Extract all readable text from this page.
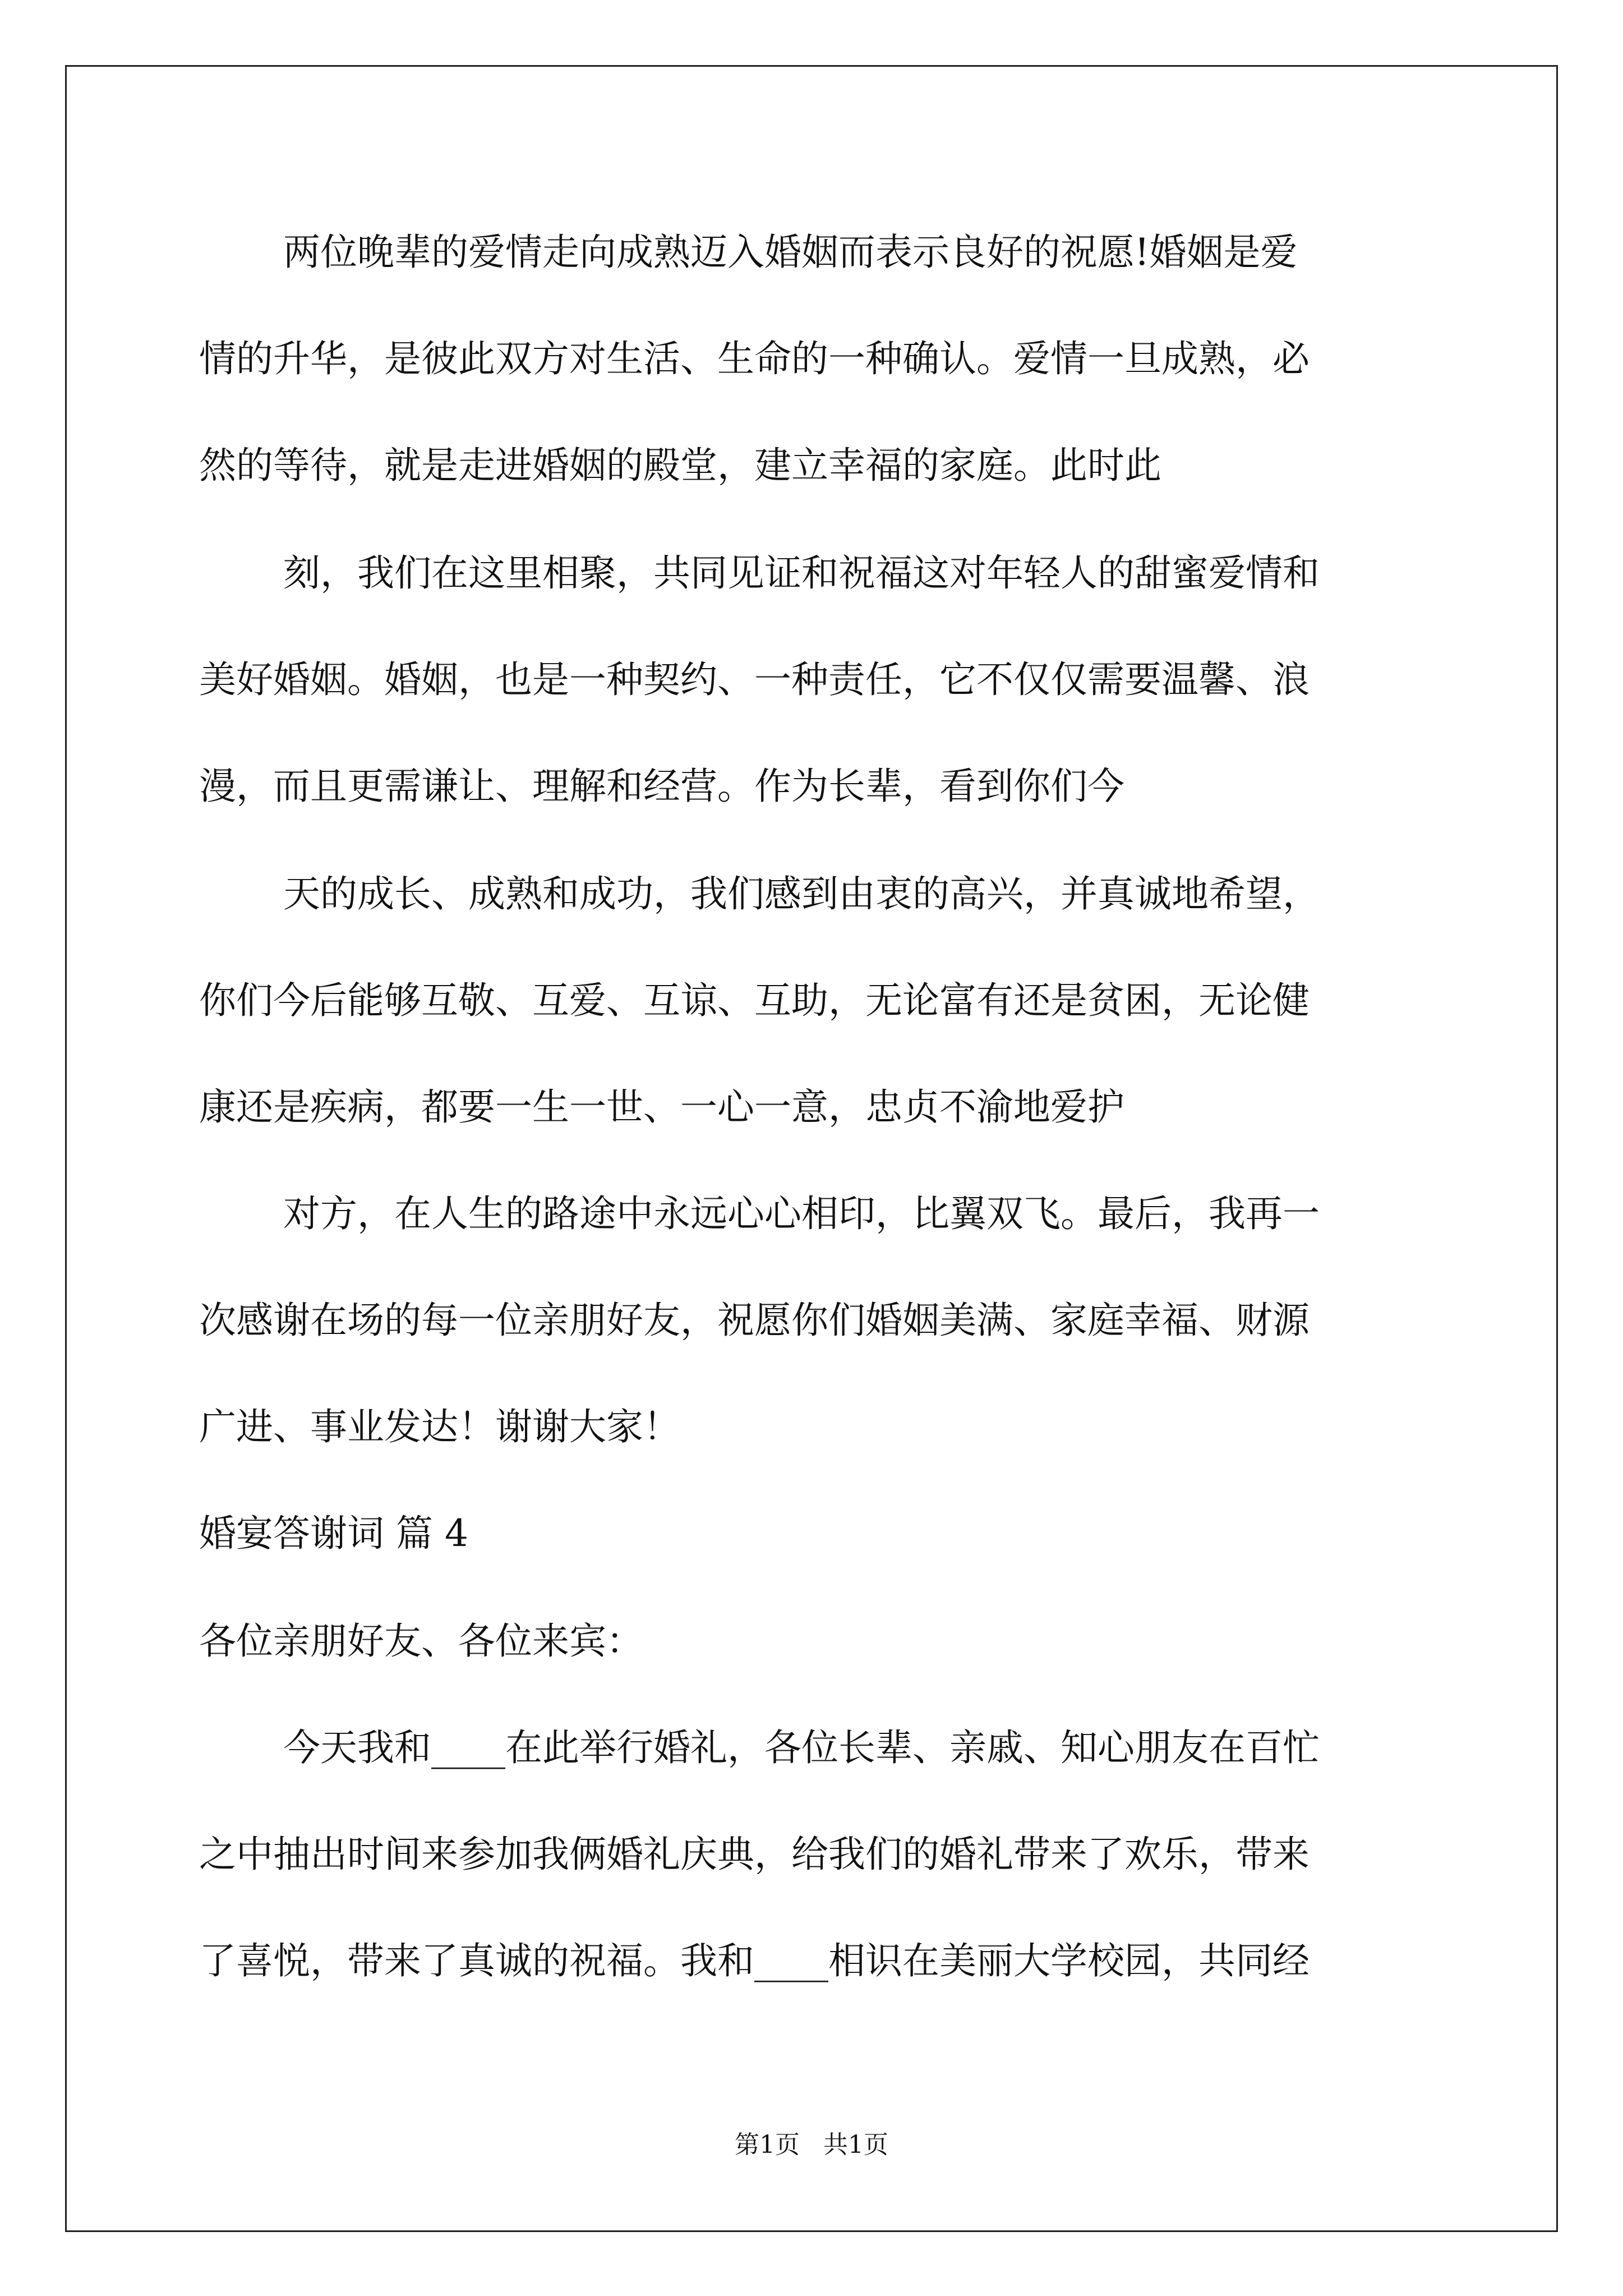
两位晚辈的爱情走向成熟迈入婚姻而表示良好的祝愿!婚姻是爱
情的升华，是彼此双方对生活、生命的一种确认。爱情一旦成熟，必
然的等待，就是走进婚姻的殿堂，建立幸福的家庭。此时此
刻，我们在这里相聚，共同见证和祝福这对年轻人的甜蜜爱情和
美好婚姻。婚姻，也是一种契约、一种责任，它不仅仅需要温馨、浪
漫，而且更需谦让、理解和经营。作为长辈，看到你们今
天的成长、成熟和成功，我们感到由衷的高兴，并真诚地希望，
你们今后能够互敬、互爱、互谅、互助，无论富有还是贫困，无论健
康还是疾病，都要一生一世、一心一意，忠贞不渝地爱护
对方，在人生的路途中永远心心相印，比翼双飞。最后，我再一
次感谢在场的每一位亲朋好友，祝愿你们婚姻美满、家庭幸福、财源
广进、事业发达！谢谢大家！
婚宴答谢词 篇 4
各位亲朋好友、各位来宾：
今天我和____在此举行婚礼，各位长辈、亲戚、知心朋友在百忙
之中抽出时间来参加我俩婚礼庆典，给我们的婚礼带来了欢乐，带来
了喜悦，带来了真诚的祝福。我和____相识在美丽大学校园，共同经
第1页 共1页
